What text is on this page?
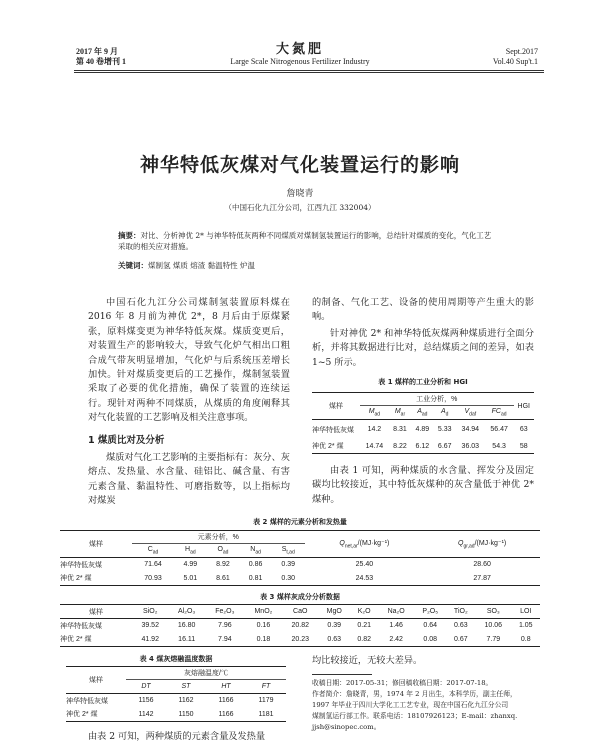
2017 年 9 月
第 40 卷增刊 1
大氮肥
Large Scale Nitrogenous Fertilizer Industry
Sept.2017
Vol.40 Sup't.1
神华特低灰煤对气化装置运行的影响
詹晓青
（中国石化九江分公司，江西九江 332004）
摘要：对比、分析神优 2* 与神华特低灰两种不同煤质对煤制氢装置运行的影响，总结针对煤质的变化，气化工艺采取的相关应对措施。
关键词：煤制氢 煤质 熔渣 黏温特性 炉温
中国石化九江分公司煤制氢装置原料煤在 2016 年 8 月前为神优 2*，8 月后由于原煤紧张，原料煤变更为神华特低灰煤。煤质变更后，对装置生产的影响较大，导致气化炉气相出口粗合成气带灰明显增加，气化炉与后系统压差增长加快。针对煤质变更后的工艺操作，煤制氢装置采取了必要的优化措施，确保了装置的连续运行。现针对两种不同煤质，从煤质的角度阐释其对气化装置的工艺影响及相关注意事项。
1 煤质比对及分析
煤质对气化工艺影响的主要指标有：灰分、灰熔点、发热量、水含量、硅铝比、碱含量、有害元素含量、黏温特性、可磨指数等，以上指标均对煤炭
的制备、气化工艺、设备的使用周期等产生重大的影响。
针对神优 2* 和神华特低灰煤两种煤质进行全面分析，并将其数据进行比对，总结煤质之间的差异，如表 1~5 所示。
表 1 煤样的工业分析和 HGI
煤样	工业分析，%						HGI
	$M_{ad}$	$M_{ar}$	$A_{ad}$	$A_d$	$V_{daf}$	$FC_{ad}$
神华特低灰煤	14.2	8.31	4.89	5.33	34.94	56.47	63
神优 2* 煤	14.74	8.22	6.12	6.67	36.03	54.3	58
由表 1 可知，两种煤质的水含量、挥发分及固定碳均比较接近，其中特低灰煤种的灰含量低于神优 2* 煤种。
表 2 煤样的元素分析和发热量
煤样	元素分析，%					$Q_{net,ar}/(MJ\cdot kg^{-1})$	$Q_{gr,ad}/(MJ\cdot kg^{-1})$
	$C_{ad}$	$H_{ad}$	$O_{ad}$	$N_{ad}$	$S_{t,ad}$
神华特低灰煤	71.64	4.99	8.92	0.86	0.39	25.40	28.60
神优 2* 煤	70.93	5.01	8.61	0.81	0.30	24.53	27.87
表 3 煤样灰成分分析数据
煤样	SiO₂	Al₂O₃	Fe₂O₃	MnO₂	CaO	MgO	K₂O	Na₂O	P₂O₅	TiO₂	SO₃	LOI
神华特低灰煤	39.52	16.80	7.96	0.16	20.82	0.39	0.21	1.46	0.64	0.63	10.06	1.05
神优 2* 煤	41.92	16.11	7.94	0.18	20.23	0.63	0.82	2.42	0.08	0.67	7.79	0.8
表 4 煤灰熔融温度数据
煤样	灰熔融温度/℃			
	DT	ST	HT	FT
神华特低灰煤	1156	1162	1166	1179
神优 2* 煤	1142	1150	1166	1181
由表 2 可知，两种煤质的元素含量及发热量
均比较接近，无较大差异。
收稿日期：2017-05-31；修回稿收稿日期：2017-07-18。
作者简介：詹晓青，男，1974 年 2 月出生，本科学历，副主任师，
1997 年毕业于四川大学化工工艺专业，现在中国石化九江分公司
煤制氢运行部工作。联系电话：18107926123；E-mail：zhanxq.
jjsh@sinopec.com。
